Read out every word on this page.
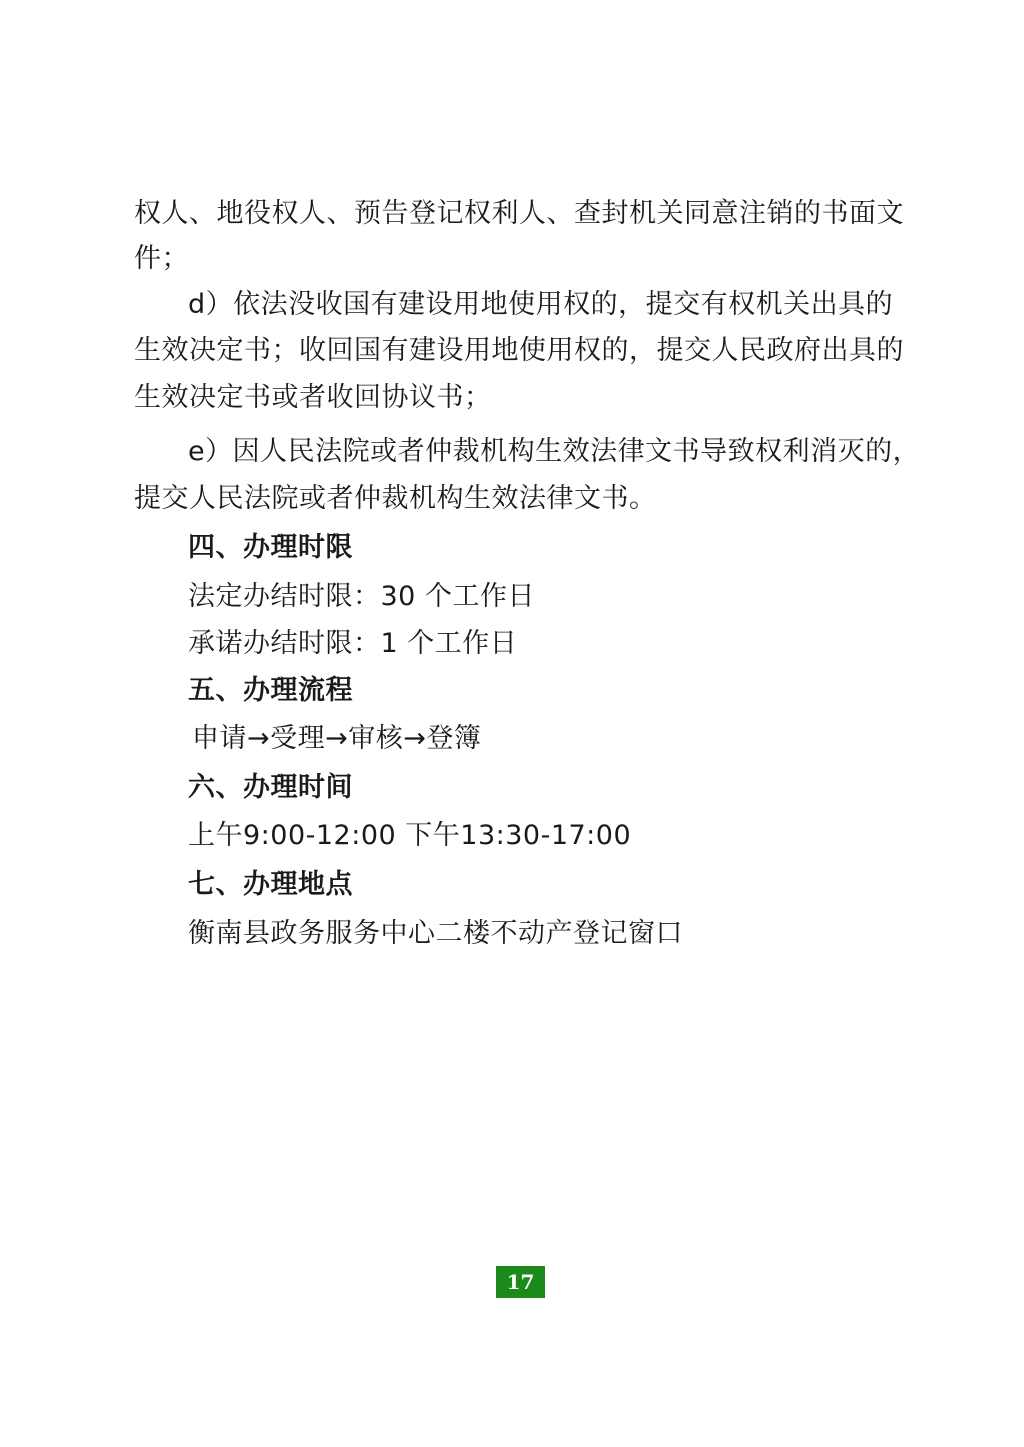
权人、地役权人、预告登记权利人、查封机关同意注销的书面文
件；
d）依法没收国有建设用地使用权的，提交有权机关出具的
生效决定书；收回国有建设用地使用权的，提交人民政府出具的
生效决定书或者收回协议书；
e）因人民法院或者仲裁机构生效法律文书导致权利消灭的，
提交人民法院或者仲裁机构生效法律文书。
四、办理时限
法定办结时限：30 个工作日
承诺办结时限：1 个工作日
五、办理流程
申请→受理→审核→登簿
六、办理时间
上午9:00-12:00 下午13:30-17:00
七、办理地点
衡南县政务服务中心二楼不动产登记窗口
17
